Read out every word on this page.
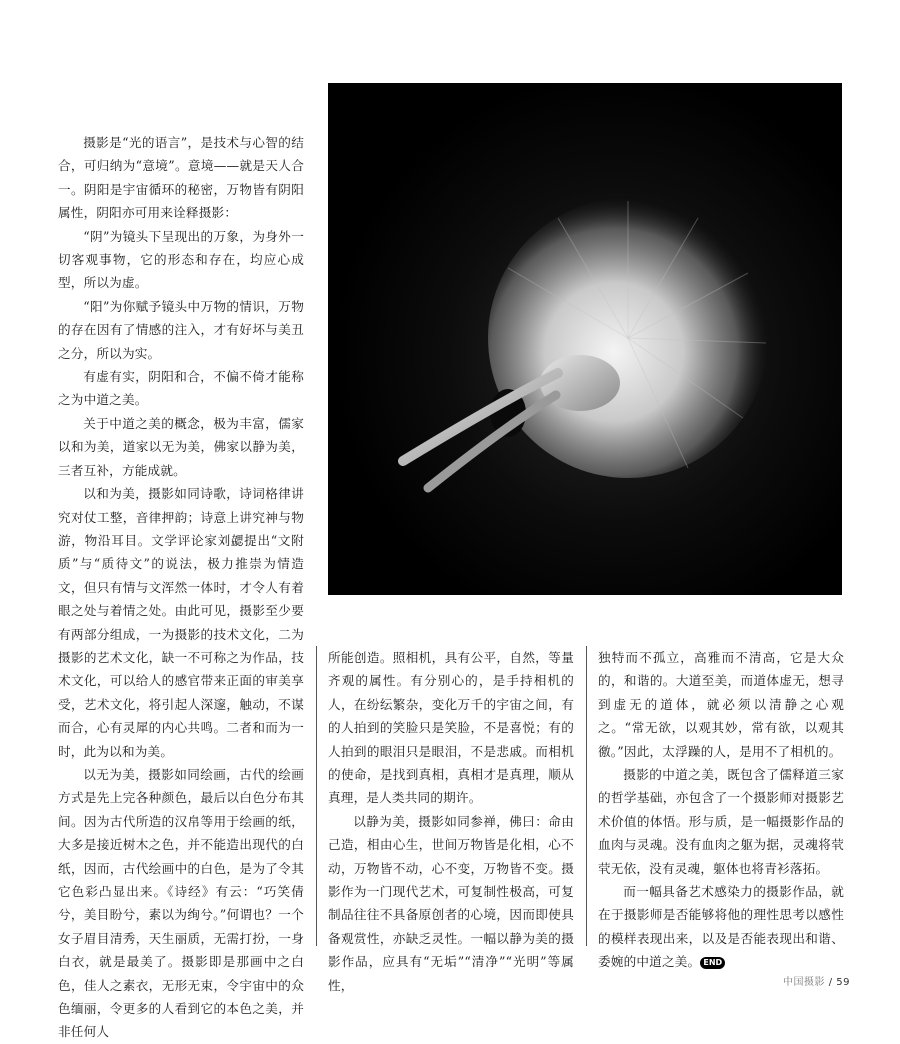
摄影是“光的语言”，是技术与心智的结合，可归纳为“意境”。意境——就是天人合一。阴阳是宇宙循环的秘密，万物皆有阴阳属性，阴阳亦可用来诠释摄影：

“阴”为镜头下呈现出的万象，为身外一切客观事物，它的形态和存在，均应心成型，所以为虚。

“阳”为你赋予镜头中万物的情识，万物的存在因有了情感的注入，才有好坏与美丑之分，所以为实。

有虚有实，阴阳和合，不偏不倚才能称之为中道之美。

关于中道之美的概念，极为丰富，儒家以和为美，道家以无为美，佛家以静为美，三者互补，方能成就。

以和为美，摄影如同诗歌，诗词格律讲究对仗工整，音律押韵；诗意上讲究神与物游，物沿耳目。文学评论家刘勰提出“文附质”与“质待文”的说法，极力推崇为情造文，但只有情与文浑然一体时，才令人有着眼之处与着情之处。由此可见，摄影至少要有两部分组成，一为摄影的技术文化，二为摄影的艺术文化，缺一不可称之为作品，技术文化，可以给人的感官带来正面的审美享受，艺术文化，将引起人深邃，触动，不谋而合，心有灵犀的内心共鸣。二者和而为一时，此为以和为美。

以无为美，摄影如同绘画，古代的绘画方式是先上完各种颜色，最后以白色分布其间。因为古代所造的汉帛等用于绘画的纸，大多是接近树木之色，并不能造出现代的白纸，因而，古代绘画中的白色，是为了令其它色彩凸显出来。《诗经》有云：“巧笑倩兮，美目盼兮，素以为绚兮。”何谓也？一个女子眉目清秀，天生丽质，无需打扮，一身白衣，就是最美了。摄影即是那画中之白色，佳人之素衣，无形无束，令宇宙中的众色缅丽，令更多的人看到它的本色之美，并非任何人

所能创造。照相机，具有公平，自然，等量齐观的属性。有分别心的，是手持相机的人，在纷纭繁杂，变化万千的宇宙之间，有的人拍到的笑脸只是笑脸，不是喜悦；有的人拍到的眼泪只是眼泪，不是悲戚。而相机的使命，是找到真相，真相才是真理，顺从真理，是人类共同的期许。

以静为美，摄影如同参禅，佛曰：命由己造，相由心生，世间万物皆是化相，心不动，万物皆不动，心不变，万物皆不变。摄影作为一门现代艺术，可复制性极高，可复制品往往不具备原创者的心境，因而即使具备观赏性，亦缺乏灵性。一幅以静为美的摄影作品，应具有“无垢”“清净”“光明”等属性，

独特而不孤立，高雅而不清高，它是大众的，和谐的。大道至美，而道体虚无，想寻到虚无的道体，就必须以清静之心观之。“常无欲，以观其妙，常有欲，以观其徼。”因此，太浮躁的人，是用不了相机的。

摄影的中道之美，既包含了儒释道三家的哲学基础，亦包含了一个摄影师对摄影艺术价值的体悟。形与质，是一幅摄影作品的血肉与灵魂。没有血肉之躯为据，灵魂将茕茕无依，没有灵魂，躯体也将青衫落拓。

而一幅具备艺术感染力的摄影作品，就在于摄影师是否能够将他的理性思考以感性的模样表现出来，以及是否能表现出和谐、委婉的中道之美。 END

中国摄影 / 59
